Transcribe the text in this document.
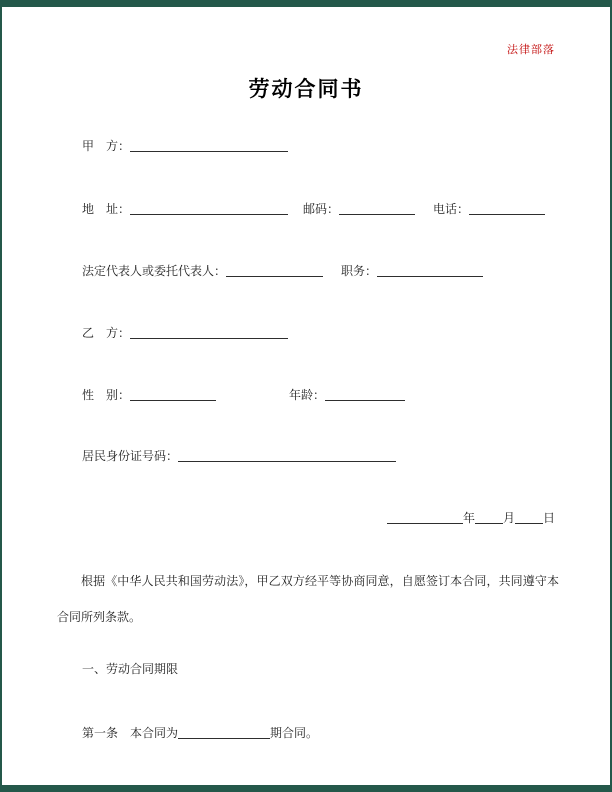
法律部落
劳动合同书
甲　方：
地　址：	邮码：	电话：
法定代表人或委托代表人：	职务：
乙　方：
性　别：	年龄：
居民身份证号码：
年 月 日
根据《中华人民共和国劳动法》，甲乙双方经平等协商同意，自愿签订本合同，共同遵守本合同所列条款。
一、劳动合同期限
第一条　本合同为	期合同。
